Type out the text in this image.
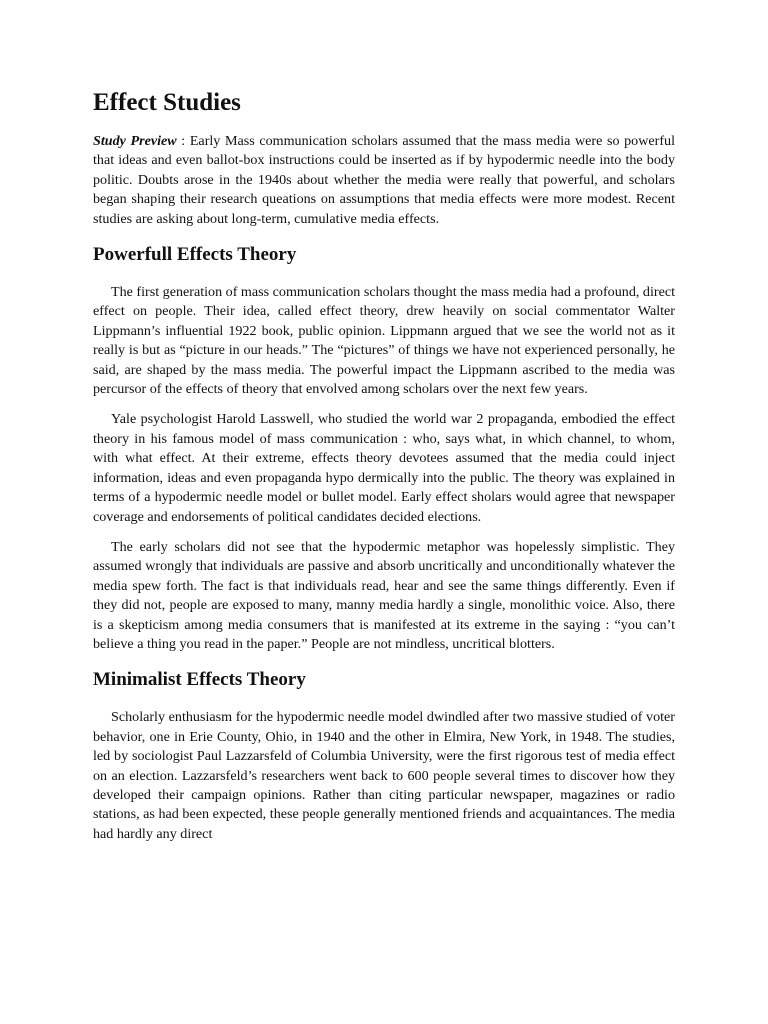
Effect Studies

Study Preview : Early Mass communication scholars assumed that the mass media were so powerful that ideas and even ballot-box instructions could be inserted as if by hypodermic needle into the body politic. Doubts arose in the 1940s about whether the media were really that powerful, and scholars began shaping their research queations on assumptions that media effects were more modest. Recent studies are asking about long-term, cumulative media effects.

Powerfull Effects Theory

The first generation of mass communication scholars thought the mass media had a profound, direct effect on people. Their idea, called effect theory, drew heavily on social commentator Walter Lippmann’s influential 1922 book, public opinion. Lippmann argued that we see the world not as it really is but as “picture in our heads.” The “pictures” of things we have not experienced personally, he said, are shaped by the mass media. The powerful impact the Lippmann ascribed to the media was percursor of the effects of theory that envolved among scholars over the next few years.

Yale psychologist Harold Lasswell, who studied the world war 2 propaganda, embodied the effect theory in his famous model of mass communication : who, says what, in which channel, to whom, with what effect. At their extreme, effects theory devotees assumed that the media could inject information, ideas and even propaganda hypo dermically into the public. The theory was explained in terms of a hypodermic needle model or bullet model. Early effect sholars would agree that newspaper coverage and endorsements of political candidates decided elections.

The early scholars did not see that the hypodermic metaphor was hopelessly simplistic. They assumed wrongly that individuals are passive and absorb uncritically and unconditionally whatever the media spew forth. The fact is that individuals read, hear and see the same things differently. Even if they did not, people are exposed to many, manny media hardly a single, monolithic voice. Also, there is a skepticism among media consumers that is manifested at its extreme in the saying : “you can’t believe a thing you read in the paper.” People are not mindless, uncritical blotters.

Minimalist Effects Theory

Scholarly enthusiasm for the hypodermic needle model dwindled after two massive studied of voter behavior, one in Erie County, Ohio, in 1940 and the other in Elmira, New York, in 1948. The studies, led by sociologist Paul Lazzarsfeld of Columbia University, were the first rigorous test of media effect on an election. Lazzarsfeld’s researchers went back to 600 people several times to discover how they developed their campaign opinions. Rather than citing particular newspaper, magazines or radio stations, as had been expected, these people generally mentioned friends and acquaintances. The media had hardly any direct
